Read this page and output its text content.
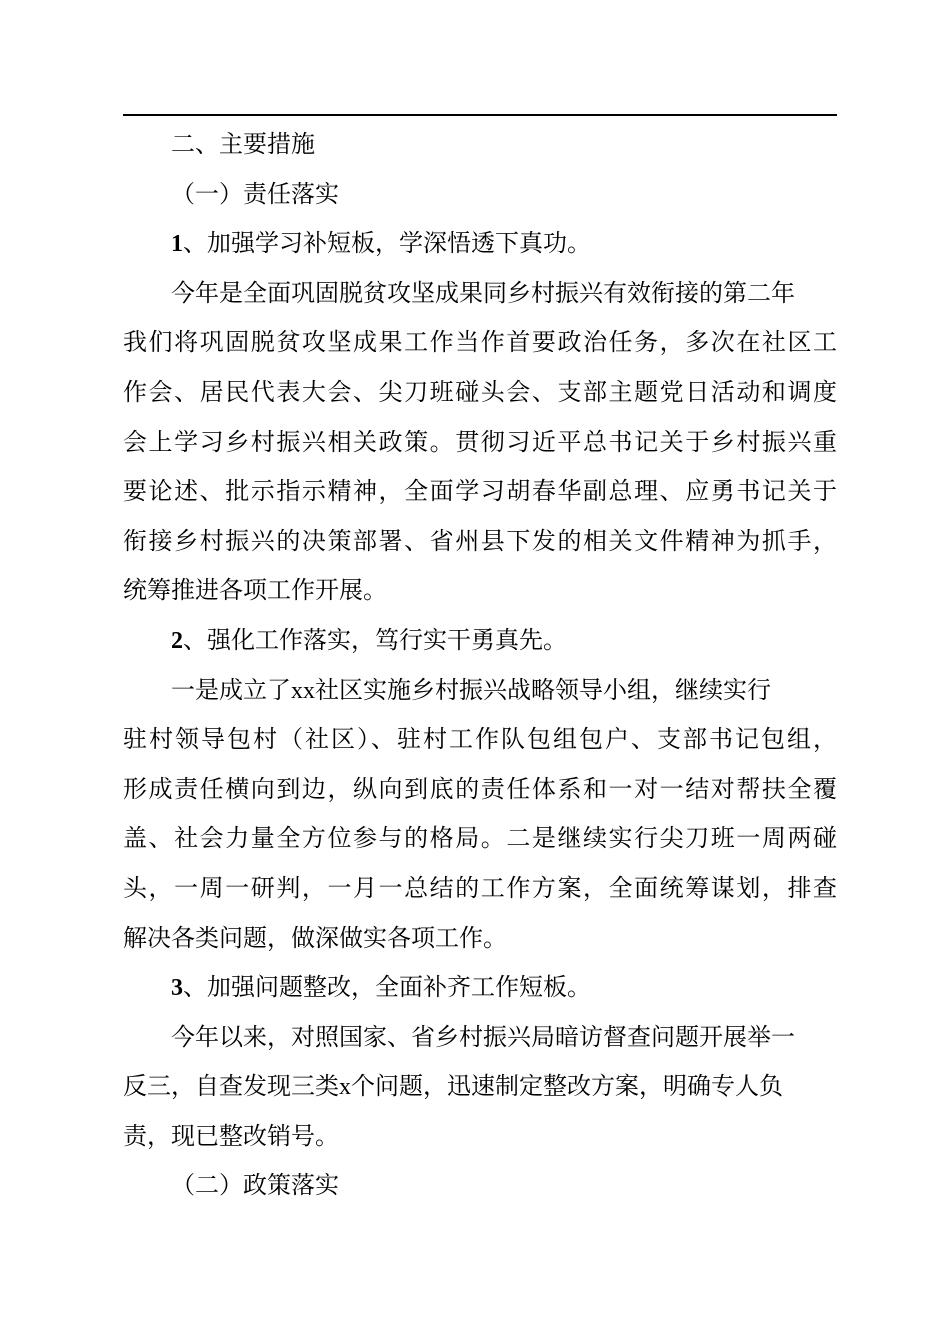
二、主要措施
（一）责任落实
1、加强学习补短板，学深悟透下真功。
今年是全面巩固脱贫攻坚成果同乡村振兴有效衔接的第二年
我们将巩固脱贫攻坚成果工作当作首要政治任务，多次在社区工
作会、居民代表大会、尖刀班碰头会、支部主题党日活动和调度
会上学习乡村振兴相关政策。贯彻习近平总书记关于乡村振兴重
要论述、批示指示精神，全面学习胡春华副总理、应勇书记关于
衔接乡村振兴的决策部署、省州县下发的相关文件精神为抓手，
统筹推进各项工作开展。
2、强化工作落实，笃行实干勇真先。
一是成立了xx社区实施乡村振兴战略领导小组，继续实行
驻村领导包村（社区）、驻村工作队包组包户、支部书记包组，
形成责任横向到边，纵向到底的责任体系和一对一结对帮扶全覆
盖、社会力量全方位参与的格局。二是继续实行尖刀班一周两碰
头，一周一研判，一月一总结的工作方案，全面统筹谋划，排查
解决各类问题，做深做实各项工作。
3、加强问题整改，全面补齐工作短板。
今年以来，对照国家、省乡村振兴局暗访督查问题开展举一
反三，自查发现三类x个问题，迅速制定整改方案，明确专人负
责，现已整改销号。
（二）政策落实
